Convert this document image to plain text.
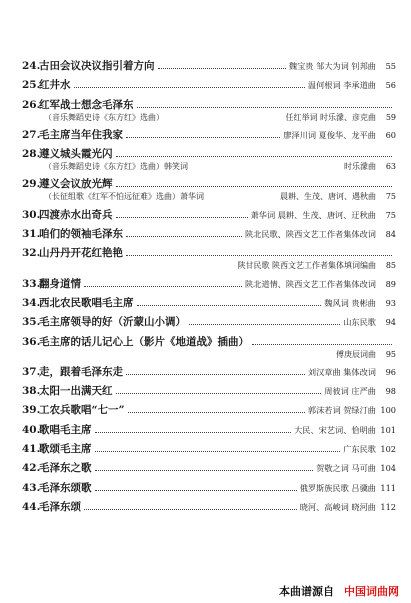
24.
古田会议决议指引着方向	魏宝贵 邹大为词 钊邦曲 55
25.
红井水	温何根词 李承道曲 56
26.
红军战士想念毛泽东
（音乐舞蹈史诗《东方红》选曲）	任红举词 时乐濛、彦克曲 59
27.
毛主席当年住我家	廖泽川词 夏俊华、龙平曲 60
28.
遵义城头霞光闪
（音乐舞蹈史诗《东方红》选曲）韩笑词	时乐濛曲 63
29.
遵义会议放光辉
（长征组歌《红军不怕远征难》选曲）萧华词	晨耕、生茂、唐诃、遇秋曲 75
30.
四渡赤水出奇兵	萧华词 晨耕、生茂、唐诃、迂秋曲 75
31.
咱们的领袖毛泽东	陕北民歌、陕西文艺工作者集体改词 84
32.
山丹丹开花红艳艳
陕甘民歌 陕西文艺工作者集体填词编曲 85
33.
翻身道情	陕北道情、陕西文艺工作者集体改词 89
34.
西北农民歌唱毛主席	魏风词 贵彬曲 93
35.
毛主席领导的好（沂蒙山小调）	山东民歌 94
36.
毛主席的话儿记心上（影片《地道战》插曲）
傅庚辰词曲 95
37.
走，跟着毛泽东走	刘汉章曲 集体改词 96
38.
太阳一出满天红	周彼词 庄严曲 98
39.
工农兵歌唱“七一”	郭沫若词 贺绿汀曲 100
40.
歌唱毛主席	大民、宋艺词、恰明曲 101
41.
歌颂毛主席	广东民歌 102
42.
毛泽东之歌	贺敬之词 马可曲 104
43.
毛泽东颂歌	俄罗斯族民歌 吕骥曲 111
44.
毛泽东颂	晓河、高峻词 晓河曲 112
本曲谱源自 中国词曲网
